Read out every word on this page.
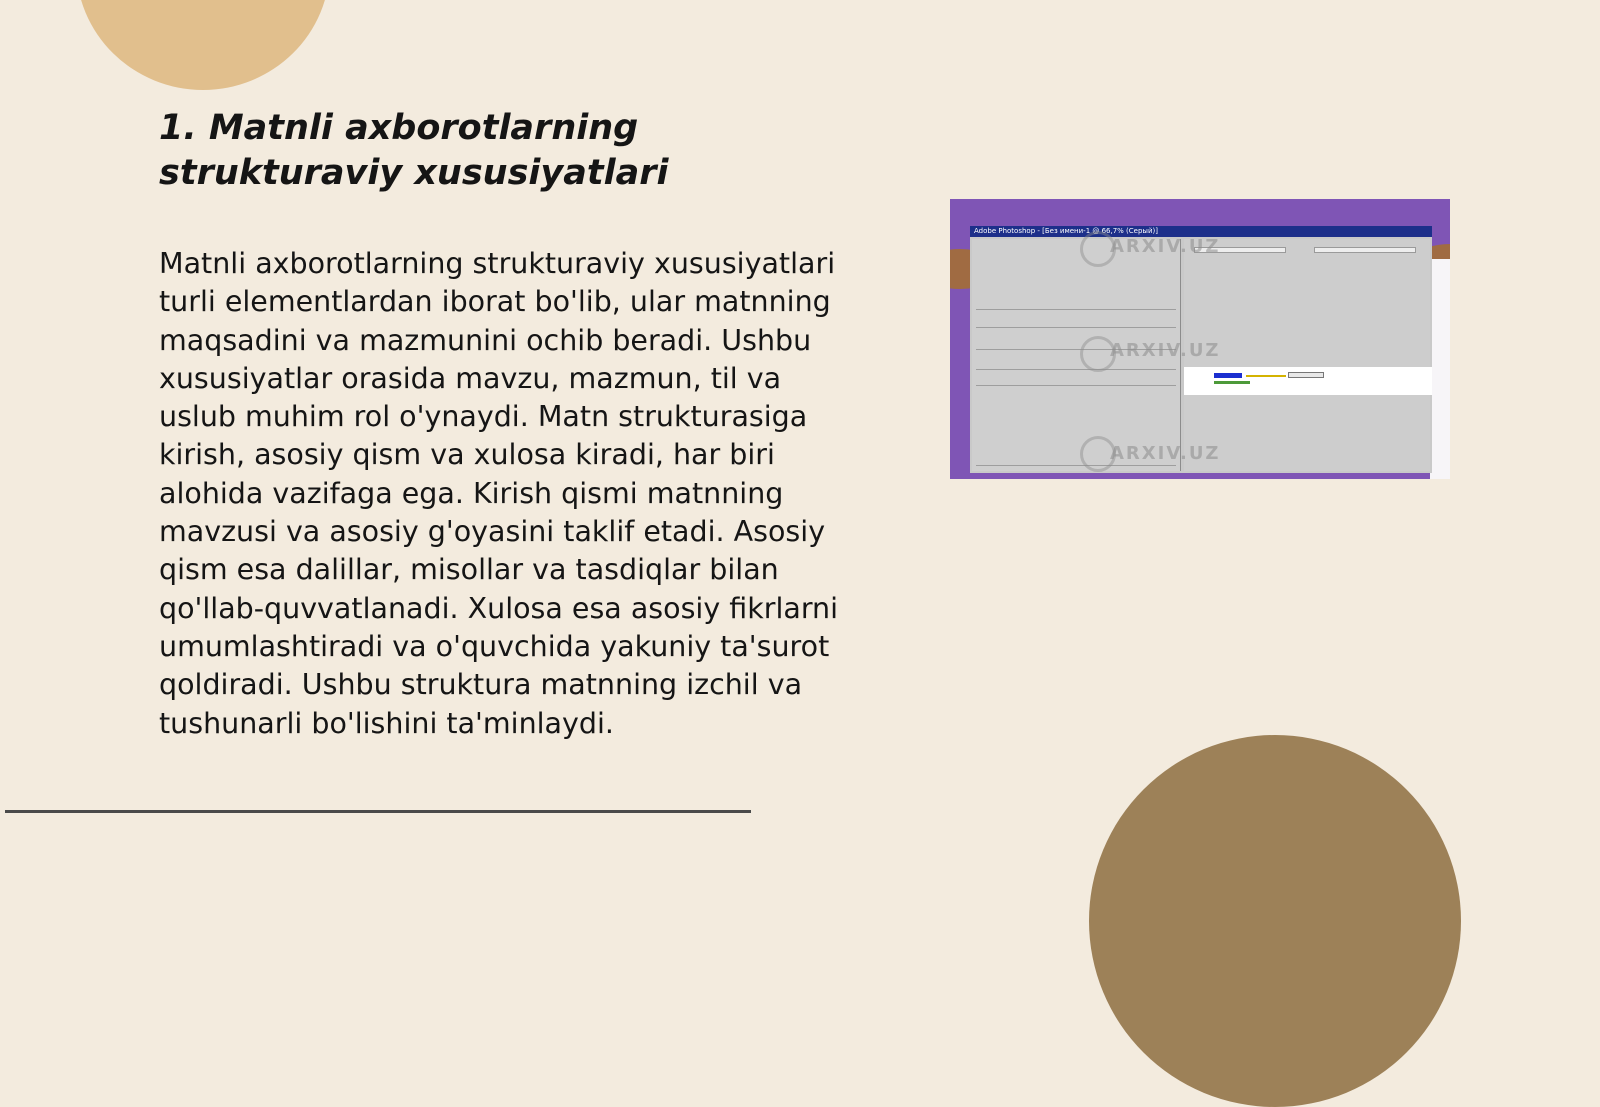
1. Matnli axborotlarning strukturaviy xususiyatlari

Matnli axborotlarning strukturaviy xususiyatlari turli elementlardan iborat bo'lib, ular matnning maqsadini va mazmunini ochib beradi. Ushbu xususiyatlar orasida mavzu, mazmun, til va uslub muhim rol o'ynaydi. Matn strukturasiga kirish, asosiy qism va xulosa kiradi, har biri alohida vazifaga ega. Kirish qismi matnning mavzusi va asosiy g'oyasini taklif etadi. Asosiy qism esa dalillar, misollar va tasdiqlar bilan qo'llab-quvvatlanadi. Xulosa esa asosiy fikrlarni umumlashtiradi va o'quvchida yakuniy ta'surot qoldiradi. Ushbu struktura matnning izchil va tushunarli bo'lishini ta'minlaydi.

Adobe Photoshop - [Без имени-1 @ 66,7% (Серый)]
ARXIV.UZ
ARXIV.UZ
ARXIV.UZ
